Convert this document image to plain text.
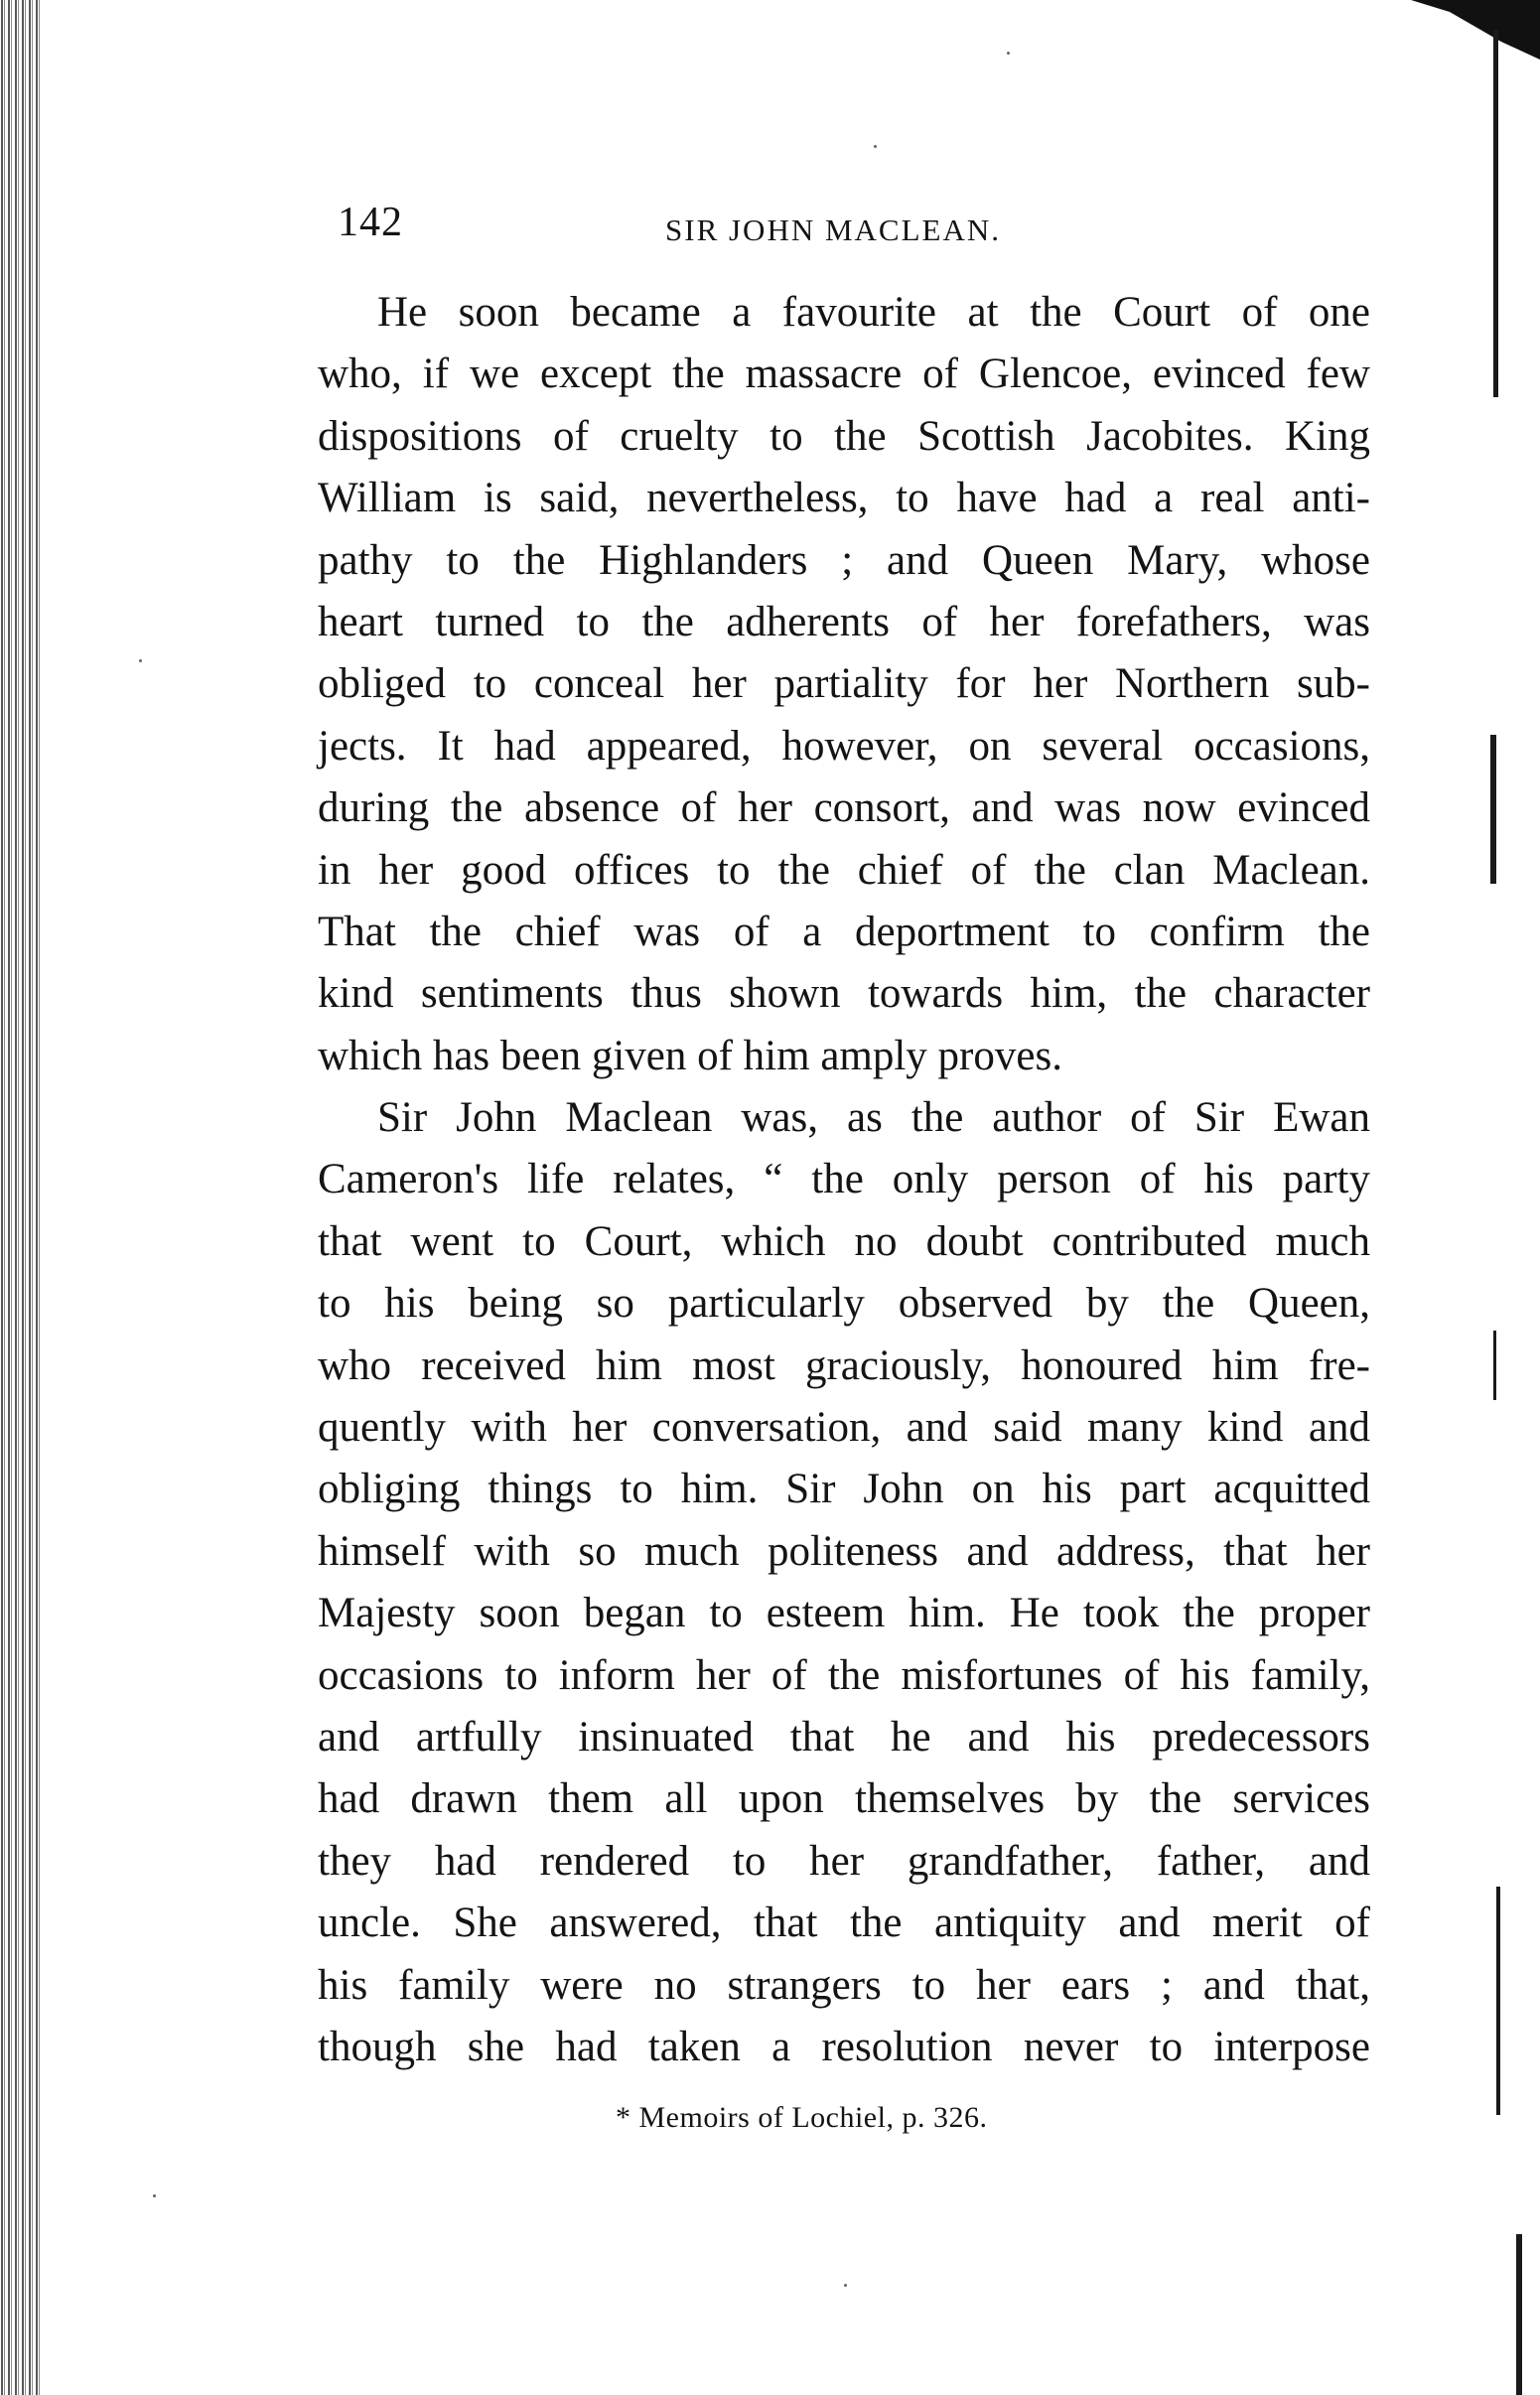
142	SIR JOHN MACLEAN.
He soon became a favourite at the Court of one
who, if we except the massacre of Glencoe, evinced few
dispositions of cruelty to the Scottish Jacobites. King
William is said, nevertheless, to have had a real anti-
pathy to the Highlanders ; and Queen Mary, whose
heart turned to the adherents of her forefathers, was
obliged to conceal her partiality for her Northern sub-
jects. It had appeared, however, on several occasions,
during the absence of her consort, and was now evinced
in her good offices to the chief of the clan Maclean.
That the chief was of a deportment to confirm the
kind sentiments thus shown towards him, the character
which has been given of him amply proves.
Sir John Maclean was, as the author of Sir Ewan
Cameron's life relates, “ the only person of his party
that went to Court, which no doubt contributed much
to his being so particularly observed by the Queen,
who received him most graciously, honoured him fre-
quently with her conversation, and said many kind and
obliging things to him. Sir John on his part acquitted
himself with so much politeness and address, that her
Majesty soon began to esteem him. He took the proper
occasions to inform her of the misfortunes of his family,
and artfully insinuated that he and his predecessors
had drawn them all upon themselves by the services
they had rendered to her grandfather, father, and
uncle. She answered, that the antiquity and merit of
his family were no strangers to her ears ; and that,
though she had taken a resolution never to interpose
* Memoirs of Lochiel, p. 326.
